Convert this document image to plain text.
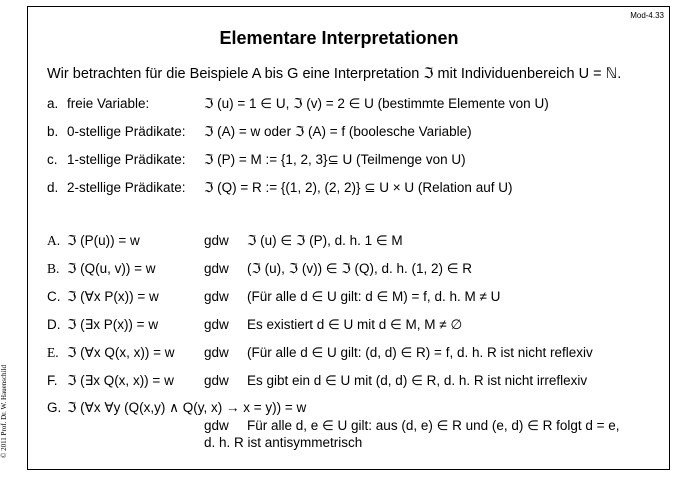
Mod-4.33
Elementare Interpretationen
© 2011 Prof. Dr. W. Hauenschild
Wir betrachten für die Beispiele A bis G eine Interpretation ℑ mit Individuenbereich U = ℕ.
a. freie Variable:	ℑ (u) = 1 ∈ U, ℑ (v) = 2 ∈ U (bestimmte Elemente von U)
b. 0-stellige Prädikate: ℑ (A) = w oder ℑ (A) = f (boolesche Variable)
c. 1-stellige Prädikate: ℑ (P) = M := {1, 2, 3}⊆ U (Teilmenge von U)
d. 2-stellige Prädikate: ℑ (Q) = R := {(1, 2), (2, 2)} ⊆ U × U (Relation auf U)
A. ℑ (P(u)) = w	gdw ℑ (u) ∈ ℑ (P), d. h. 1 ∈ M
B. ℑ (Q(u, v)) = w	gdw (ℑ (u), ℑ (v)) ∈ ℑ (Q), d. h. (1, 2) ∈ R
C. ℑ (∀x P(x)) = w	gdw (Für alle d ∈ U gilt: d ∈ M) = f, d. h. M ≠ U
D. ℑ (∃x P(x)) = w	gdw Es existiert d ∈ U mit d ∈ M, M ≠ ∅
E. ℑ (∀x Q(x, x)) = w gdw (Für alle d ∈ U gilt: (d, d) ∈ R) = f, d. h. R ist nicht reflexiv
F. ℑ (∃x Q(x, x)) = w gdw Es gibt ein d ∈ U mit (d, d) ∈ R, d. h. R ist nicht irreflexiv
G. ℑ (∀x ∀y (Q(x,y) ∧ Q(y, x) → x = y)) = w
gdw Für alle d, e ∈ U gilt: aus (d, e) ∈ R und (e, d) ∈ R folgt d = e,
d. h. R ist antisymmetrisch
